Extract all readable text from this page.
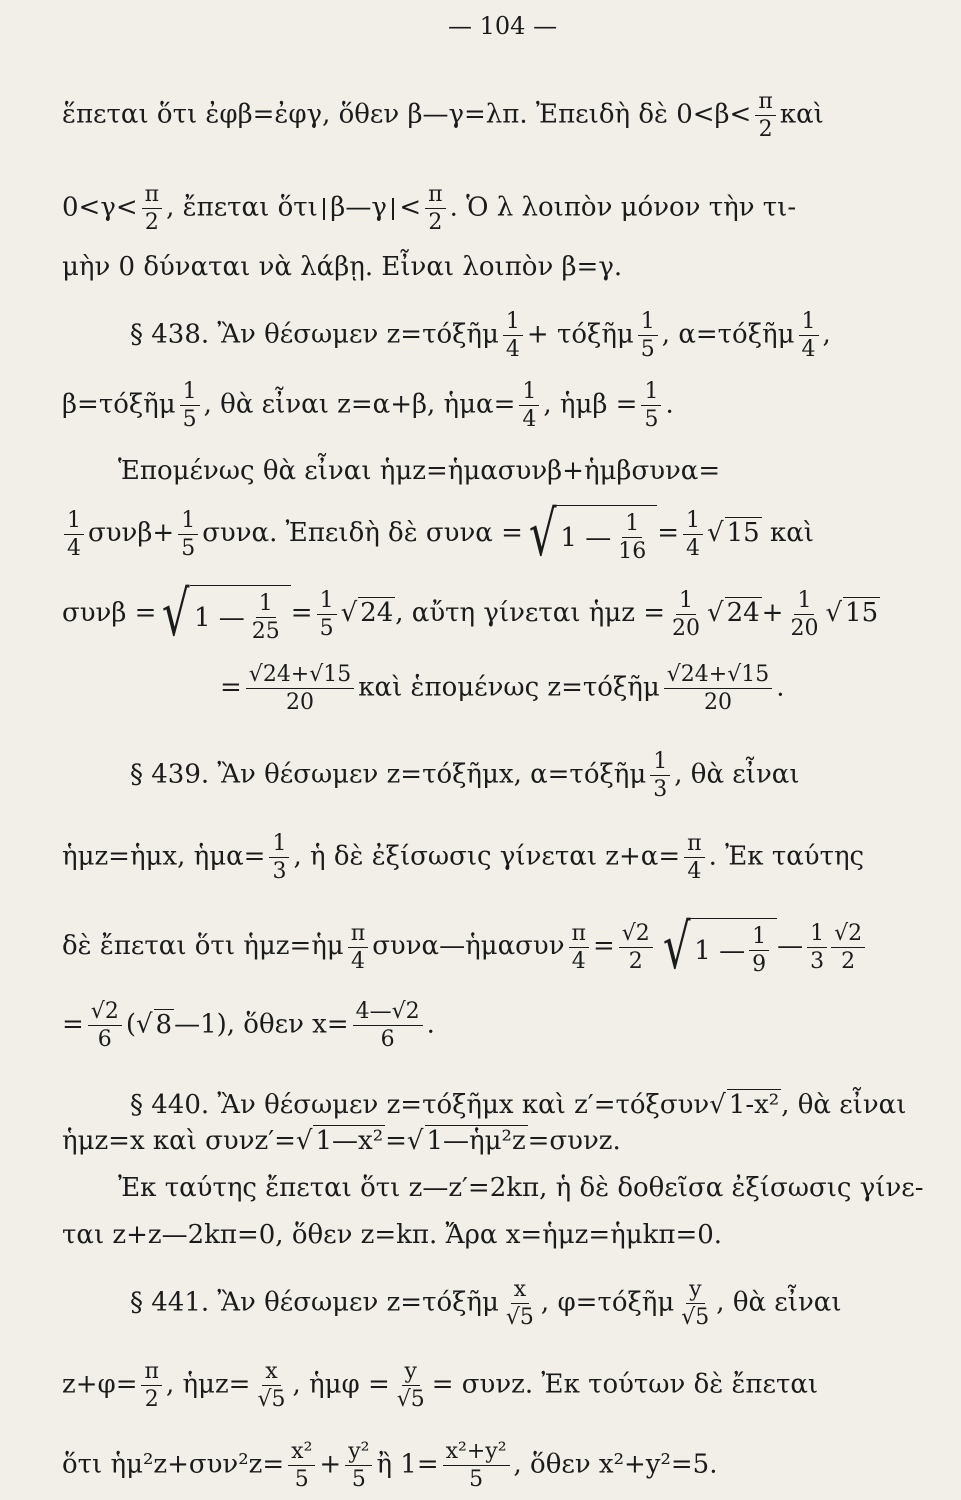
— 104 —
ἕπεται ὅτι ἐφβ=ἐφγ, ὅθεν β—γ=λπ. Ἐπειδὴ δὲ $0<\beta< \frac{\pi}{2}$ καὶ
$0<\gamma< \frac{\pi}{2}$ , ἔπεται ὅτι β—γ < $\frac{\pi}{2}$ . Ὁ λ λοιπὸν μόνον τὴν τι-
μὴν 0 δύναται νὰ λάβῃ. Εἶναι λοιπὸν β=γ.
§ 438. Ἂν θέσωμεν z=τόξῆμ $\frac{1}{4}$ + τόξῆμ $\frac{1}{5}$ , α=τόξῆμ $\frac{1}{4}$ ,
β=τόξῆμ $\frac{1}{5}$ , θὰ εἶναι z=α+β, ἡμα= $\frac{1}{4}$ , ἡμβ = $\frac{1}{5}$ .
Ἑπομένως θὰ εἶναι ἡμz=ἡμασυνβ+ἡμβσυνα=
$\frac{1}{4} \sigma\upsilon\nu\beta+ \frac{1}{5} \sigma\upsilon\nu\alpha$. Ἐπειδὴ δὲ συνα = √ 1 — $\frac{1}{16} = \frac{1}{4}$ √ 15 καὶ
συνβ = √ 1 — $\frac{1}{25} = \frac{1}{5}$ √ 24, αὔτη γίνεται ἡμz = $\frac{1}{20}$ √ $24+ \frac{1}{20}$ √ 15
= $\frac{√24+√15}{20}$ καὶ ἑπομένως z=τόξῆμ $\frac{√24+√15}{20}$ .
§ 439. Ἂν θέσωμεν z=τόξῆμx, α=τόξῆμ $\frac{1}{3}$ , θὰ εἶναι
ἡμz=ἡμx, ἡμα= $\frac{1}{3}$ , ἡ δὲ ἐξίσωσις γίνεται $z+\alpha= \frac{\pi}{4}$ . Ἐκ ταύτης
δὲ ἔπεται ὅτι ἡμz=ἡμ $\frac{\pi}{4}$ συνα—ἡμασυν $\frac{\pi}{4} = \frac{√2}{2}$ √ 1 — $\frac{1}{9}$ — $\frac{1}{3} \frac{√2}{2}$
= $\frac{√2}{6}$ (√ 8—1), ὅθεν $x= \frac{4—√2}{6}$ .
§ 440. Ἂν θέσωμεν z=τόξῆμx καὶ z′=τόξσυν√ 1-x², θὰ εἶναι
ἡμz=x καὶ συνz′=√ 1—x²=√ 1—ἡμ²z=συνz.
Ἐκ ταύτης ἔπεται ὅτι z—z′=2kπ, ἡ δὲ δοθεῖσα ἐξίσωσις γίνε-
ται z+z—2kπ=0, ὅθεν z=kπ. Ἄρα x=ἡμz=ἡμkπ=0.
§ 441. Ἂν θέσωμεν z=τόξῆμ $\frac{x}{√5}$ , φ=τόξῆμ $\frac{y}{√5}$ , θὰ εἶναι
$z+\varphi= \frac{\pi}{2}$ , ἡμz= $\frac{x}{√5}$ , ἡμφ = $\frac{y}{√5} = \sigma\upsilon\nu z$. Ἐκ τούτων δὲ ἔπεται
ὅτι ἡμ²z+συν²z= $\frac{\text{x²}}{5} + \frac{\text{y²}}{5}$ ἢ $1= \frac{\text{x²+y²}}{5}$ , ὅθεν x²+y²=5.
